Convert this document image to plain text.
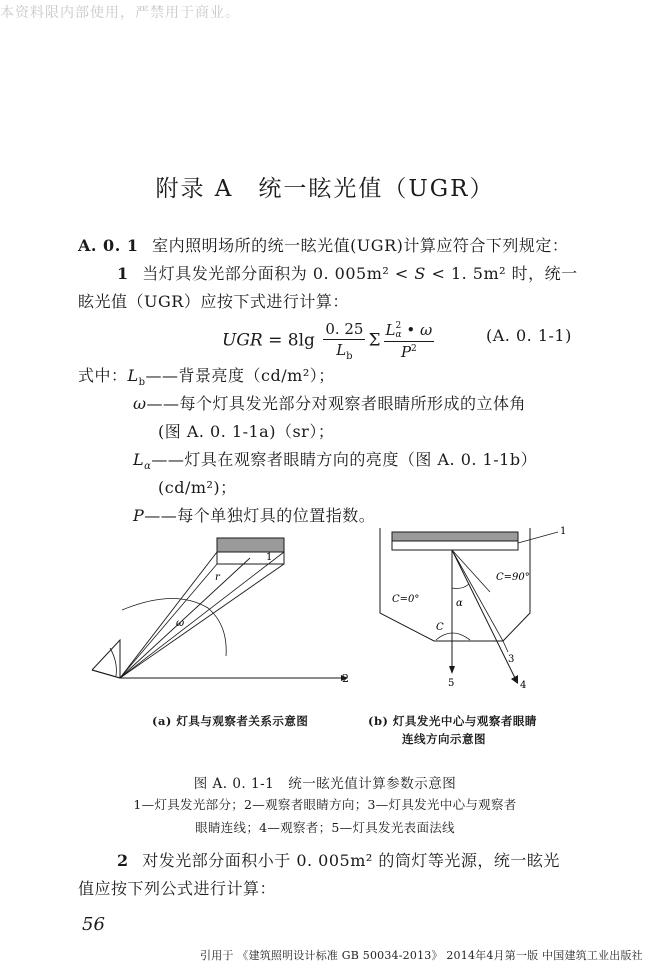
本资料限内部使用，严禁用于商业。
附录 A　统一眩光值（UGR）
A. 0. 1 室内照明场所的统一眩光值(UGR)计算应符合下列规定：
1 当灯具发光部分面积为 0. 005m² < S < 1. 5m² 时，统一
眩光值（UGR）应按下式进行计算：
UGR = $8\lg \frac{0. 25}{L_b}$ Σ L 2
α • ω
$P^2$	(A. 0. 1-1)
式中：$L_b——$背景亮度（cd/m²）；
ω——每个灯具发光部分对观察者眼睛所形成的立体角
(图 A. 0. 1-1a)（sr）；
$L_\alpha——$灯具在观察者眼睛方向的亮度（图 A. 0. 1-1b）
(cd/m²)；
P——每个单独灯具的位置指数。
1
2
r
ω
1
5	4
3
α
C
C=0°
C=90°
(a) 灯具与观察者关系示意图	(b) 灯具发光中心与观察者眼睛
连线方向示意图
图 A. 0. 1-1　统一眩光值计算参数示意图
1—灯具发光部分；2—观察者眼睛方向；3—灯具发光中心与观察者
眼睛连线；4—观察者；5—灯具发光表面法线
2 对发光部分面积小于 0. 005m² 的筒灯等光源，统一眩光
值应按下列公式进行计算：
56
引用于 《建筑照明设计标准 GB 50034-2013》 2014年4月第一版 中国建筑工业出版社
